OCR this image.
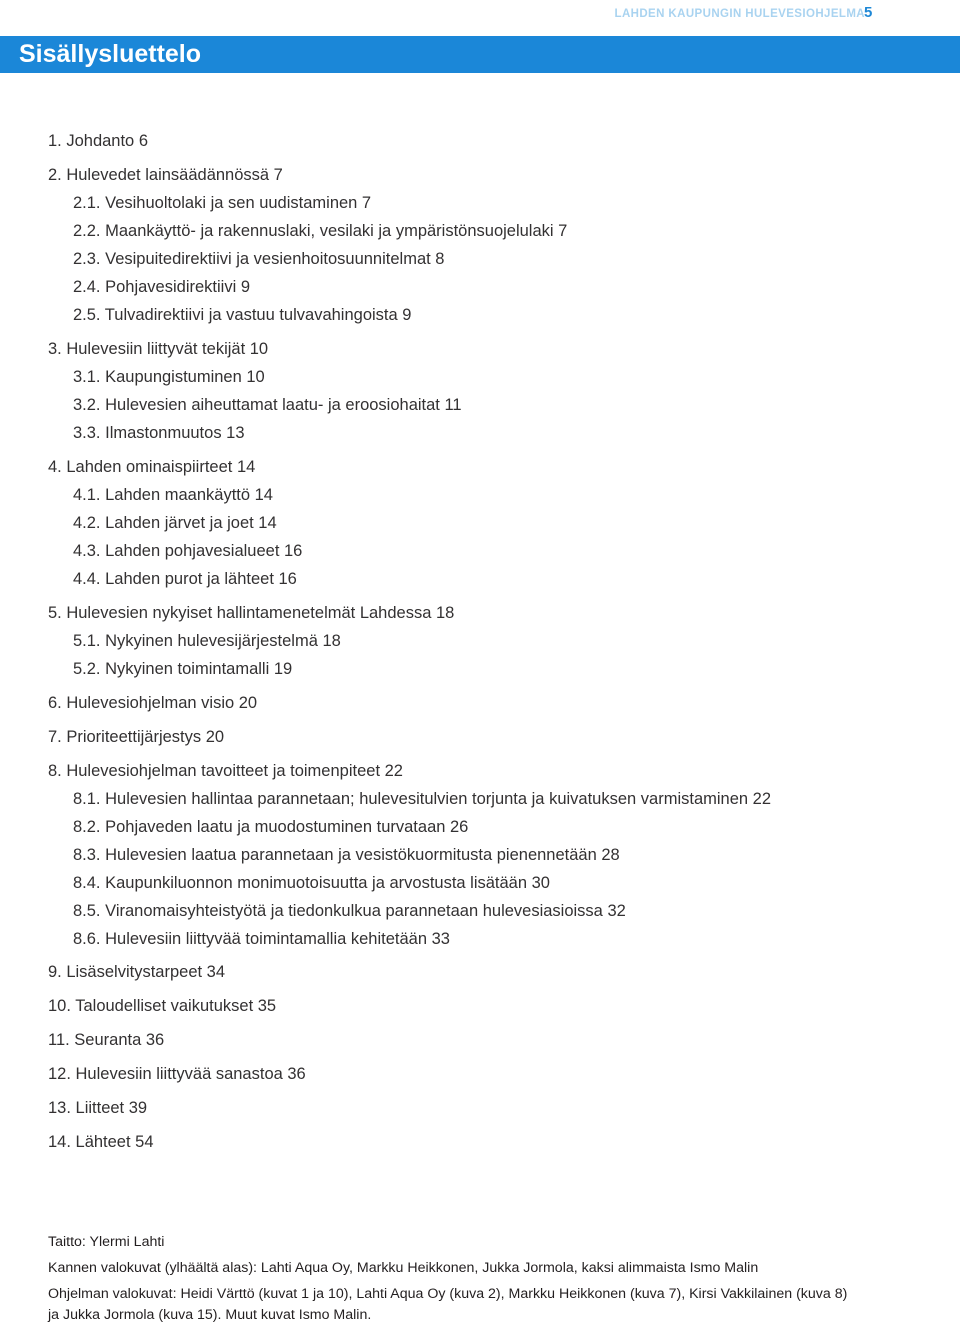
LAHDEN KAUPUNGIN HULEVESIOHJELMA 5
Sisällysluettelo
1. Johdanto 6
2. Hulevedet lainsäädännössä 7
2.1. Vesihuoltolaki ja sen uudistaminen 7
2.2. Maankäyttö- ja rakennuslaki, vesilaki ja ympäristönsuojelulaki 7
2.3. Vesipuitedirektiivi ja vesienhoitosuunnitelmat 8
2.4. Pohjavesidirektiivi 9
2.5. Tulvadirektiivi ja vastuu tulvavahingoista 9
3. Hulevesiin liittyvät tekijät 10
3.1. Kaupungistuminen 10
3.2. Hulevesien aiheuttamat laatu- ja eroosiohaitat 11
3.3. Ilmastonmuutos 13
4. Lahden ominaispiirteet 14
4.1. Lahden maankäyttö 14
4.2. Lahden järvet ja joet 14
4.3. Lahden pohjavesialueet 16
4.4. Lahden purot ja lähteet 16
5. Hulevesien nykyiset hallintamenetelmät Lahdessa 18
5.1. Nykyinen hulevesijärjestelmä 18
5.2. Nykyinen toimintamalli 19
6. Hulevesiohjelman visio 20
7. Prioriteettijärjestys 20
8. Hulevesiohjelman tavoitteet ja toimenpiteet 22
8.1. Hulevesien hallintaa parannetaan; hulevesitulvien torjunta ja kuivatuksen varmistaminen 22
8.2. Pohjaveden laatu ja muodostuminen turvataan 26
8.3. Hulevesien laatua parannetaan ja vesistökuormitusta pienennetään 28
8.4. Kaupunkiluonnon monimuotoisuutta ja arvostusta lisätään 30
8.5. Viranomaisyhteistyötä ja tiedonkulkua parannetaan hulevesiasioissa 32
8.6. Hulevesiin liittyvää toimintamallia kehitetään 33
9. Lisäselvitystarpeet 34
10. Taloudelliset vaikutukset 35
11. Seuranta 36
12. Hulevesiin liittyvää sanastoa 36
13. Liitteet 39
14. Lähteet 54

Taitto: Ylermi Lahti

Kannen valokuvat (ylhäältä alas): Lahti Aqua Oy, Markku Heikkonen, Jukka Jormola, kaksi alimmaista Ismo Malin

Ohjelman valokuvat: Heidi Värttö (kuvat 1 ja 10), Lahti Aqua Oy (kuva 2), Markku Heikkonen (kuva 7), Kirsi Vakkilainen (kuva 8) ja Jukka Jormola (kuva 15). Muut kuvat Ismo Malin.
